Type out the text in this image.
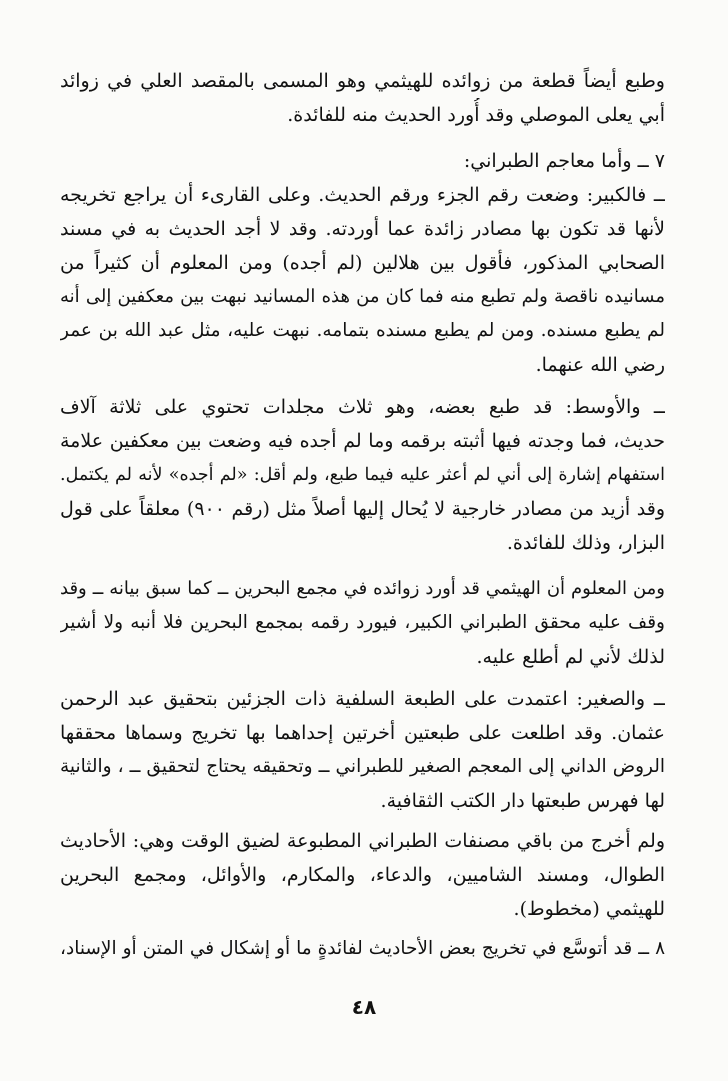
وطبع أيضاً قطعة من زوائده للهيثمي وهو المسمى بالمقصد العلي في زوائد
أبي يعلى الموصلي وقد أُورد الحديث منه للفائدة.
٧ ــ وأما معاجم الطبراني:
ــ فالكبير: وضعت رقم الجزء ورقم الحديث. وعلى القارىء أن يراجع تخريجه
لأنها قد تكون بها مصادر زائدة عما أوردته. وقد لا أجد الحديث به في مسند
الصحابي المذكور، فأقول بين هلالين (لم أجده) ومن المعلوم أن كثيراً من
مسانيده ناقصة ولم تطبع منه فما كان من هذه المسانيد نبهت بين معكفين إلى أنه
لم يطبع مسنده. ومن لم يطبع مسنده بتمامه. نبهت عليه، مثل عبد الله بن عمر
رضي الله عنهما.
ــ والأوسط: قد طبع بعضه، وهو ثلاث مجلدات تحتوي على ثلاثة آلاف
حديث، فما وجدته فيها أثبته برقمه وما لم أجده فيه وضعت بين معكفين علامة
استفهام إشارة إلى أني لم أعثر عليه فيما طبع، ولم أقل: «لم أجده» لأنه لم يكتمل.
وقد أزيد من مصادر خارجية لا يُحال إليها أصلاً مثل (رقم ٩٠٠) معلقاً على قول
البزار، وذلك للفائدة.
ومن المعلوم أن الهيثمي قد أورد زوائده في مجمع البحرين ــ كما سبق بيانه ــ وقد
وقف عليه محقق الطبراني الكبير، فيورد رقمه بمجمع البحرين فلا أنبه ولا أشير
لذلك لأني لم أطلع عليه.
ــ والصغير: اعتمدت على الطبعة السلفية ذات الجزئين بتحقيق عبد الرحمن
عثمان. وقد اطلعت على طبعتين أخرتين إحداهما بها تخريج وسماها محققها
الروض الداني إلى المعجم الصغير للطبراني ــ وتحقيقه يحتاج لتحقيق ــ ، والثانية
لها فهرس طبعتها دار الكتب الثقافية.
ولم أخرج من باقي مصنفات الطبراني المطبوعة لضيق الوقت وهي: الأحاديث
الطوال، ومسند الشاميين، والدعاء، والمكارم، والأوائل، ومجمع البحرين
للهيثمي (مخطوط).
٨ ــ قد أتوسَّع في تخريج بعض الأحاديث لفائدةٍ ما أو إشكال في المتن أو الإسناد،
٤٨
